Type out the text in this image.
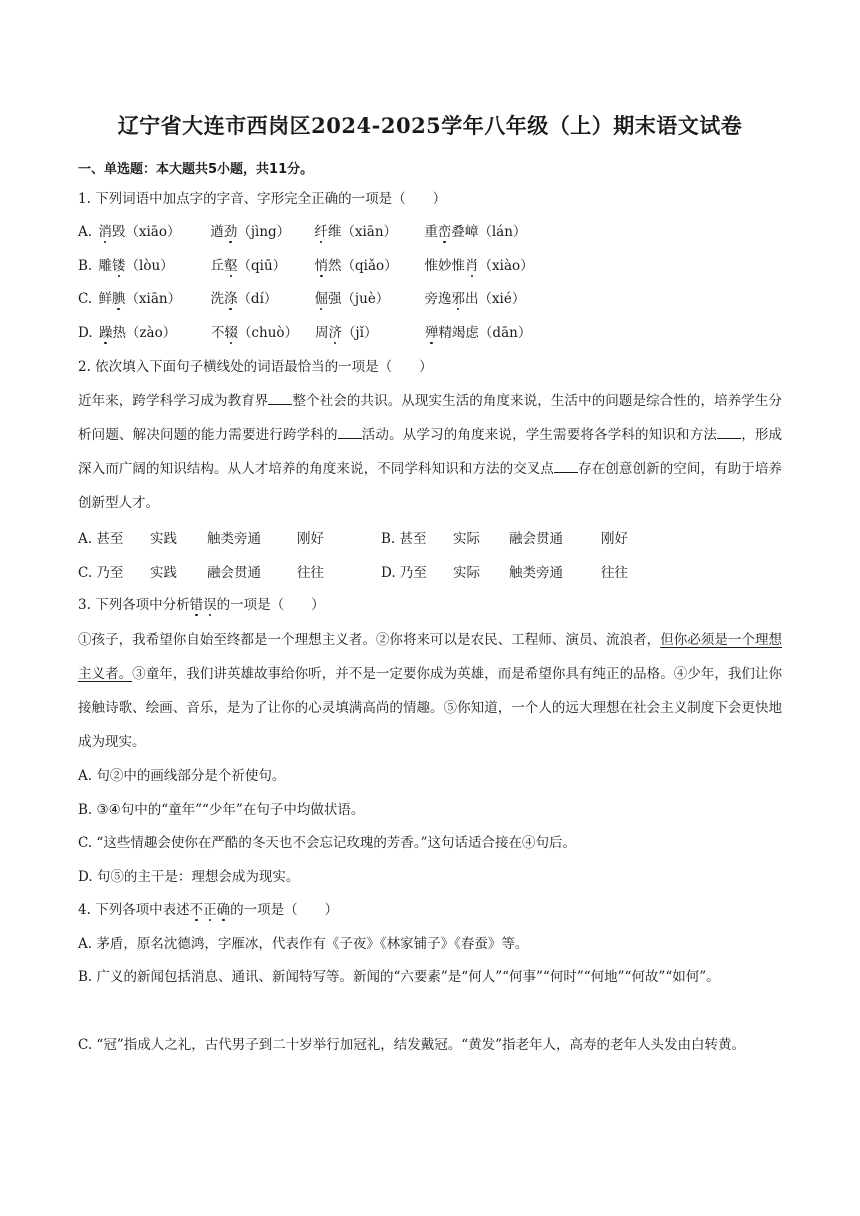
辽宁省大连市西岗区2024-2025学年八年级（上）期末语文试卷
一、单选题：本大题共5小题，共11分。
1. 下列词语中加点字的字音、字形完全正确的一项是（　　）
A. 消毁（xiāo） 遒劲（jìng） 纤维（xiān） 重峦叠嶂（lán）
B. 雕镂（lòu）	丘壑（qiū） 悄然（qiǎo） 惟妙惟肖（xiào）
C. 鲜腆（xiān） 洗涤（dí）	倔强（juè）	旁逸邪出（xié）
D. 躁热（zào）	不辍（chuò） 周济（jǐ）	殚精竭虑（dān）
2. 依次填入下面句子横线处的词语最恰当的一项是（　　）
近年来，跨学科学习成为教育界 整个社会的共识。从现实生活的角度来说，生活中的问题是综合性的，培养学生分析问题、解决问题的能力需要进行跨学科的 活动。从学习的角度来说，学生需要将各学科的知识和方法 ，形成深入而广阔的知识结构。从人才培养的角度来说，不同学科知识和方法的交叉点 存在创意创新的空间，有助于培养创新型人才。
A. 甚至 实践 触类旁通	刚好	B. 甚至 实际 融会贯通	刚好
C. 乃至 实践 融会贯通	往往	D. 乃至 实际 触类旁通	往往
3. 下列各项中分析错误的一项是（　　）
①孩子，我希望你自始至终都是一个理想主义者。②你将来可以是农民、工程师、演员、流浪者，但你必须是一个理想主义者。③童年，我们讲英雄故事给你听，并不是一定要你成为英雄，而是希望你具有纯正的品格。④少年，我们让你接触诗歌、绘画、音乐，是为了让你的心灵填满高尚的情趣。⑤你知道，一个人的远大理想在社会主义制度下会更快地成为现实。
A. 句②中的画线部分是个祈使句。
B. ③④句中的“童年”“少年”在句子中均做状语。
C. “这些情趣会使你在严酷的冬天也不会忘记玫瑰的芳香。”这句话适合接在④句后。
D. 句⑤的主干是：理想会成为现实。
4. 下列各项中表述不正确的一项是（　　）
A. 茅盾，原名沈德鸿，字雁冰，代表作有《子夜》《林家铺子》《春蚕》等。
B. 广义的新闻包括消息、通讯、新闻特写等。新闻的“六要素”是“何人”“何事”“何时”“何地”“何故”“如何”。
C. “冠”指成人之礼，古代男子到二十岁举行加冠礼，结发戴冠。“黄发”指老年人，高寿的老年人头发由白转黄。
